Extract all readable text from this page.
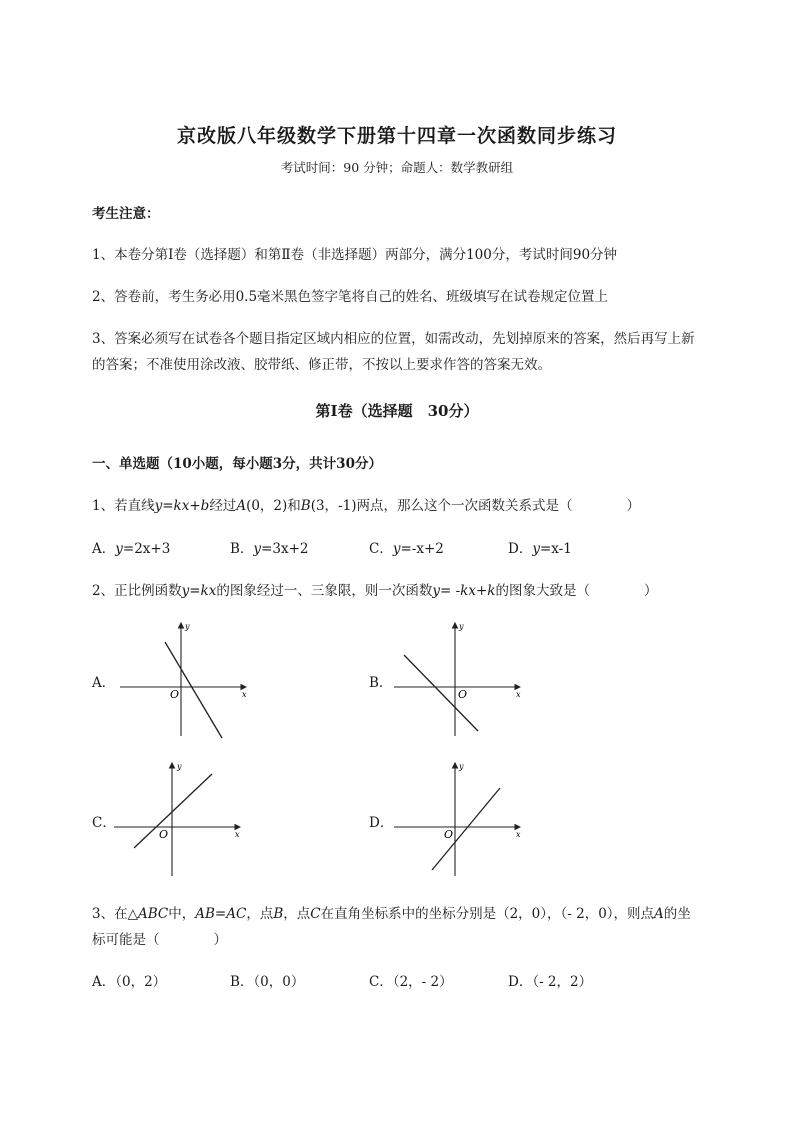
京改版八年级数学下册第十四章一次函数同步练习
考试时间：90 分钟；命题人：数学教研组
考生注意：
1、本卷分第Ⅰ卷（选择题）和第Ⅱ卷（非选择题）两部分，满分100分，考试时间90分钟
2、答卷前，考生务必用0.5毫米黑色签字笔将自己的姓名、班级填写在试卷规定位置上
3、答案必须写在试卷各个题目指定区域内相应的位置，如需改动，先划掉原来的答案，然后再写上新
的答案；不准使用涂改液、胶带纸、修正带，不按以上要求作答的答案无效。
第Ⅰ卷（选择题　30分）
一、单选题（10小题，每小题3分，共计30分）
1、若直线y=kx+b经过A(0，2)和B(3，-1)两点，那么这个一次函数关系式是（　　　　）
A．y=2x+3	B．y=3x+2	C．y=-x+2	D．y=x-1
2、正比例函数y=kx的图象经过一、三象限，则一次函数y= -kx+k的图象大致是（　　　　）
A．
O	x
y
B．
O	x
y
C．
O	x
y
D．
O	x
y
3、在△ABC中，AB=AC，点B，点C在直角坐标系中的坐标分别是（2，0），（- 2，0），则点A的坐
标可能是（　　　　）
A．（0，2）	B．（0，0）	C．（2，- 2）	D．（- 2，2）
